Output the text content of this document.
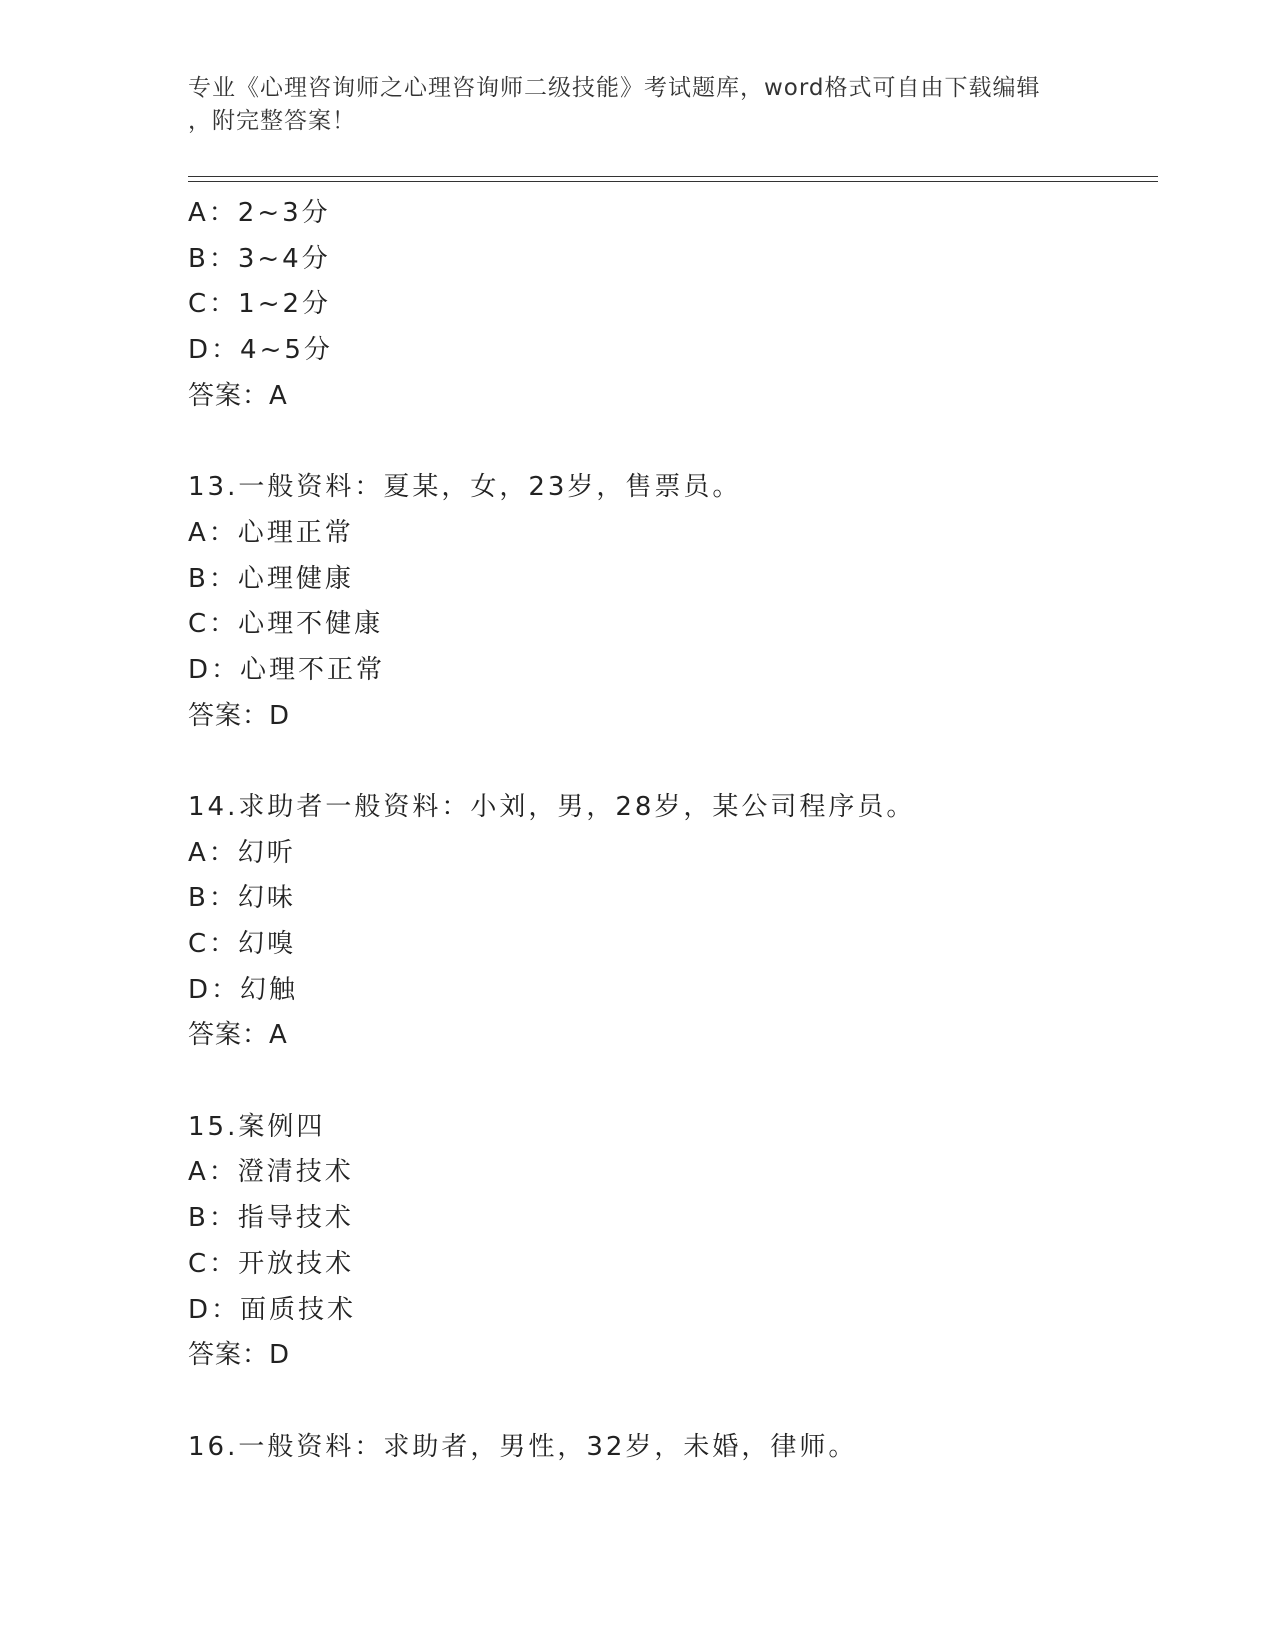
专业《心理咨询师之心理咨询师二级技能》考试题库，word格式可自由下载编辑
，附完整答案！
A：2~3分
B：3~4分
C：1~2分
D：4~5分
答案：A
13.一般资料：夏某，女，23岁，售票员。
A：心理正常
B：心理健康
C：心理不健康
D：心理不正常
答案：D
14.求助者一般资料：小刘，男，28岁，某公司程序员。
A：幻听
B：幻味
C：幻嗅
D：幻触
答案：A
15.案例四
A：澄清技术
B：指导技术
C：开放技术
D：面质技术
答案：D
16.一般资料：求助者，男性，32岁，未婚，律师。
